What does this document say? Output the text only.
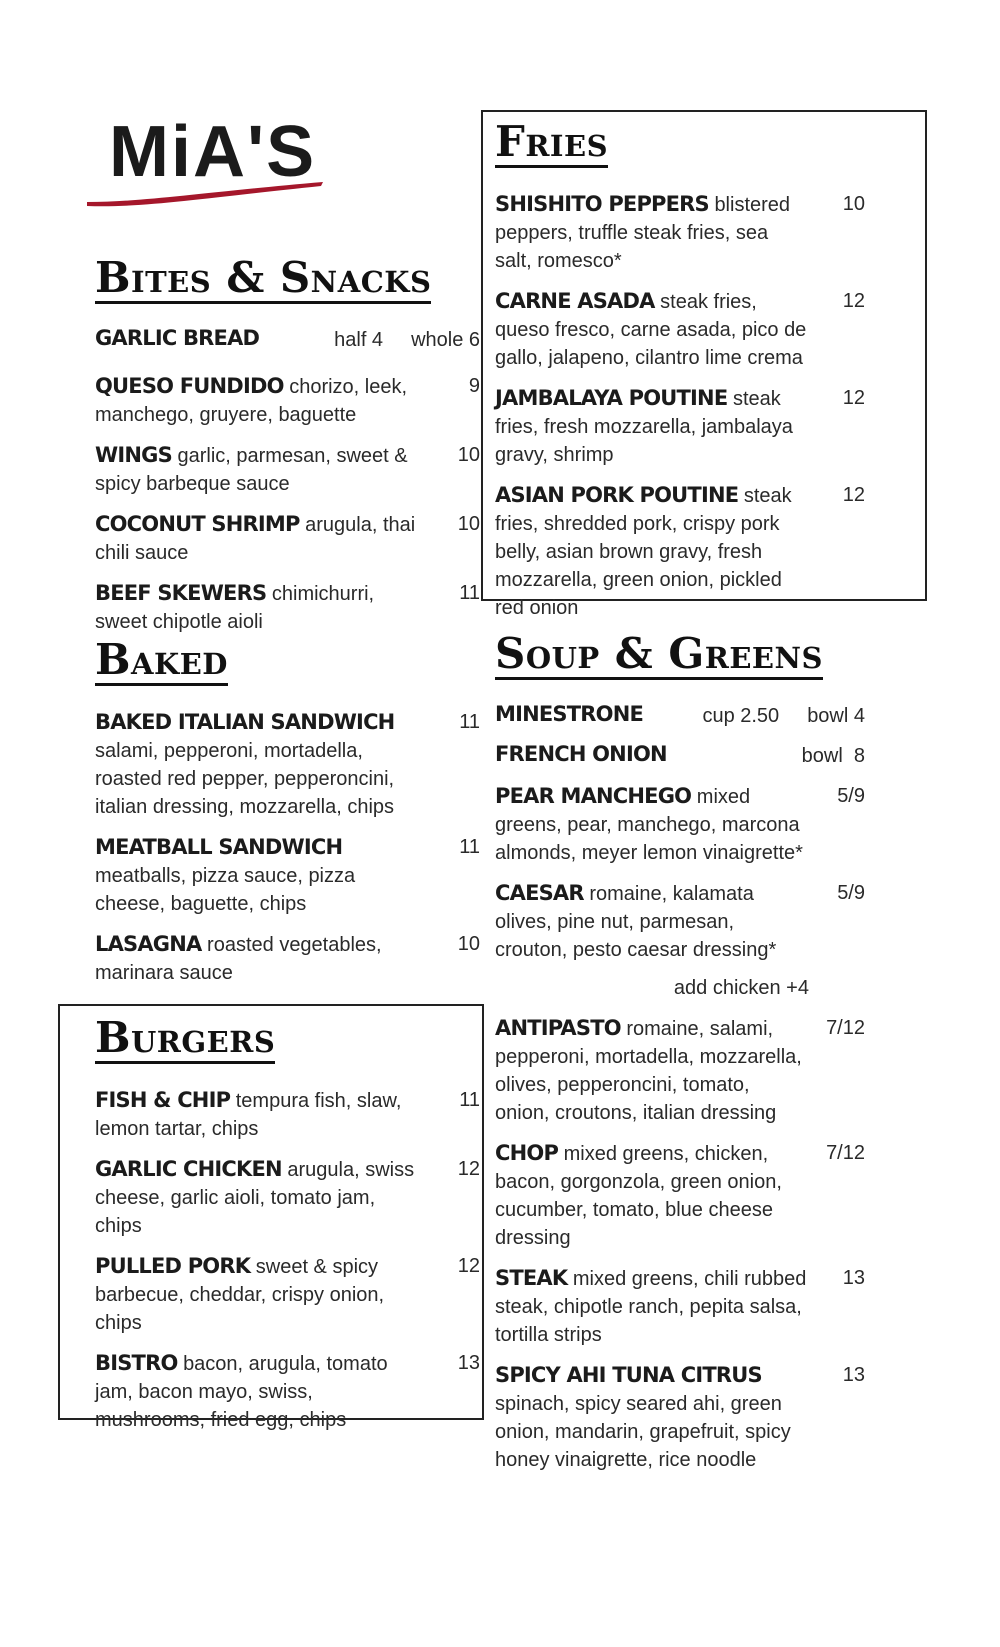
MiA'S
Bites & Snacks
GARLIC BREAD	half 4 whole 6
QUESO FUNDIDO chorizo, leek, manchego, gruyere, baguette
9
WINGS garlic, parmesan, sweet & spicy barbeque sauce
10
COCONUT SHRIMP arugula, thai chili sauce
10
BEEF SKEWERS chimichurri, sweet chipotle aioli
11
Baked
BAKED ITALIAN SANDWICH salami, pepperoni, mortadella, roasted red pepper, pepperoncini, italian dressing, mozzarella, chips
11
MEATBALL SANDWICH meatballs, pizza sauce, pizza cheese, baguette, chips
11
LASAGNA roasted vegetables, marinara sauce
10
Burgers
FISH & CHIP tempura fish, slaw, lemon tartar, chips
11
GARLIC CHICKEN arugula, swiss cheese, garlic aioli, tomato jam, chips
12
PULLED PORK sweet & spicy barbecue, cheddar, crispy onion, chips
12
BISTRO bacon, arugula, tomato jam, bacon mayo, swiss, mushrooms, fried egg, chips
13
Fries
SHISHITO PEPPERS blistered peppers, truffle steak fries, sea salt, romesco*
10
CARNE ASADA steak fries, queso fresco, carne asada, pico de gallo, jalapeno, cilantro lime crema
12
JAMBALAYA POUTINE steak fries, fresh mozzarella, jambalaya gravy, shrimp
12
ASIAN PORK POUTINE steak fries, shredded pork, crispy pork belly, asian brown gravy, fresh mozzarella, green onion, pickled red onion
12
Soup & Greens
MINESTRONE	cup 2.50 bowl 4
FRENCH ONION	bowl  8
PEAR MANCHEGO mixed greens, pear, manchego, marcona almonds, meyer lemon vinaigrette*
5/9
CAESAR romaine, kalamata olives, pine nut, parmesan, crouton, pesto caesar dressing*
5/9
add chicken +4
ANTIPASTO romaine, salami, pepperoni, mortadella, mozzarella, olives, pepperoncini, tomato, onion, croutons, italian dressing
7/12
CHOP mixed greens, chicken, bacon, gorgonzola, green onion, cucumber, tomato, blue cheese dressing
7/12
STEAK mixed greens, chili rubbed steak, chipotle ranch, pepita salsa, tortilla strips
13
SPICY AHI TUNA CITRUS spinach, spicy seared ahi, green onion, mandarin, grapefruit, spicy honey vinaigrette, rice noodle
13
